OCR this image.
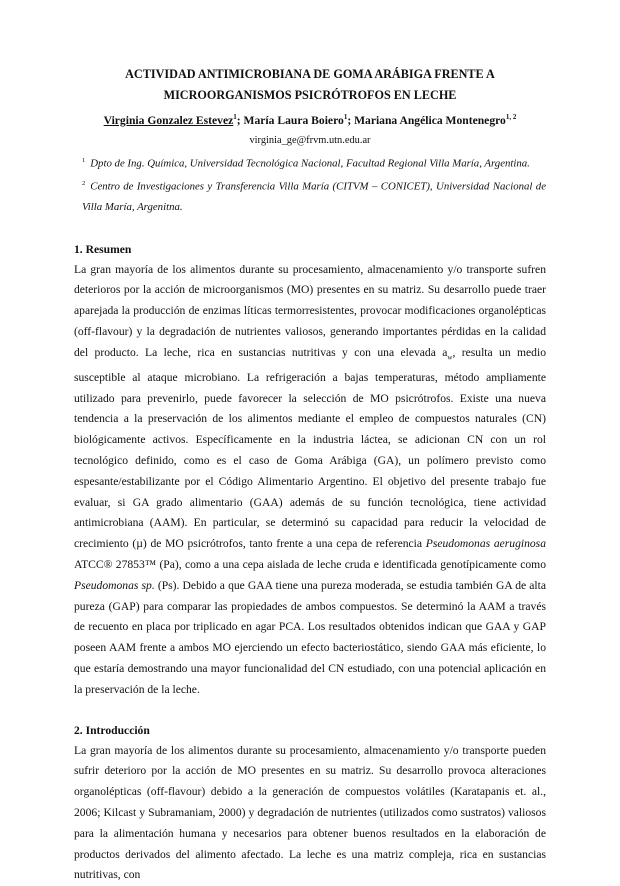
ACTIVIDAD ANTIMICROBIANA DE GOMA ARÁBIGA FRENTE A
MICROORGANISMOS PSICRÓTROFOS EN LECHE

Virginia Gonzalez Estevez$^1$; María Laura Boiero$^1$; Mariana Angélica Montenegro$^{1, 2}$

virginia_ge@frvm.utn.edu.ar

$^1$ Dpto de Ing. Química, Universidad Tecnológica Nacional, Facultad Regional Villa María, Argentina.

$^2$ Centro de Investigaciones y Transferencia Villa María (CITVM – CONICET), Universidad Nacional de Villa María, Argenitna.

1. Resumen

La gran mayoría de los alimentos durante su procesamiento, almacenamiento y/o transporte sufren deterioros por la acción de microorganismos (MO) presentes en su matriz. Su desarrollo puede traer aparejada la producción de enzimas líticas termorresistentes, provocar modificaciones organolépticas (off-flavour) y la degradación de nutrientes valiosos, generando importantes pérdidas en la calidad del producto. La leche, rica en sustancias nutritivas y con una elevada $a_w$, resulta un medio susceptible al ataque microbiano. La refrigeración a bajas temperaturas, método ampliamente utilizado para prevenirlo, puede favorecer la selección de MO psicrótrofos. Existe una nueva tendencia a la preservación de los alimentos mediante el empleo de compuestos naturales (CN) biológicamente activos. Específicamente en la industria láctea, se adicionan CN con un rol tecnológico definido, como es el caso de Goma Arábiga (GA), un polímero previsto como espesante/estabilizante por el Código Alimentario Argentino. El objetivo del presente trabajo fue evaluar, si GA grado alimentario (GAA) además de su función tecnológica, tiene actividad antimicrobiana (AAM). En particular, se determinó su capacidad para reducir la velocidad de crecimiento (µ) de MO psicrótrofos, tanto frente a una cepa de referencia Pseudomonas aeruginosa ATCC® 27853™ (Pa), como a una cepa aislada de leche cruda e identificada genotípicamente como Pseudomonas sp. (Ps). Debido a que GAA tiene una pureza moderada, se estudia también GA de alta pureza (GAP) para comparar las propiedades de ambos compuestos. Se determinó la AAM a través de recuento en placa por triplicado en agar PCA. Los resultados obtenidos indican que GAA y GAP poseen AAM frente a ambos MO ejerciendo un efecto bacteriostático, siendo GAA más eficiente, lo que estaría demostrando una mayor funcionalidad del CN estudiado, con una potencial aplicación en la preservación de la leche.

2. Introducción

La gran mayoría de los alimentos durante su procesamiento, almacenamiento y/o transporte pueden sufrir deterioro por la acción de MO presentes en su matriz. Su desarrollo provoca alteraciones organolépticas (off-flavour) debido a la generación de compuestos volátiles (Karatapanis et. al., 2006; Kilcast y Subramaniam, 2000) y degradación de nutrientes (utilizados como sustratos) valiosos para la alimentación humana y necesarios para obtener buenos resultados en la elaboración de productos derivados del alimento afectado. La leche es una matriz compleja, rica en sustancias nutritivas, con
